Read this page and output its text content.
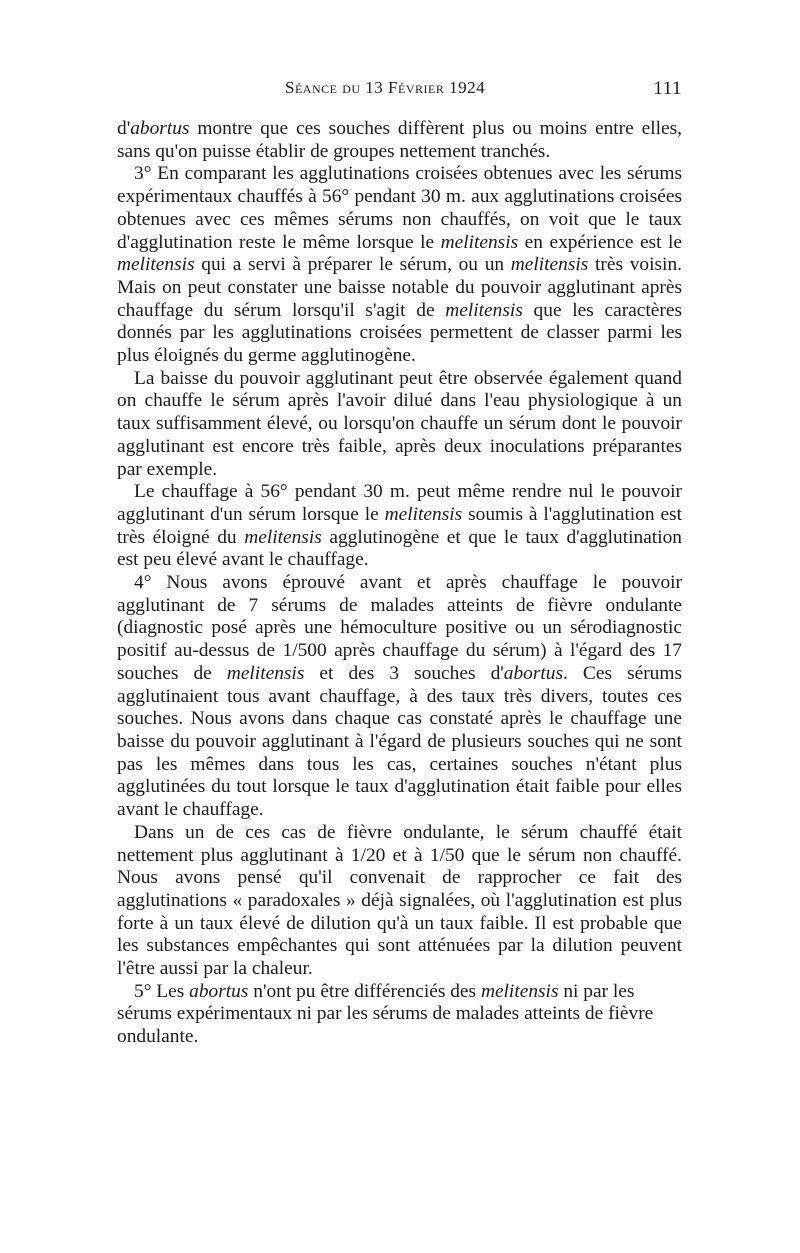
Séance du 13 Février 1924	111

d'abortus montre que ces souches diffèrent plus ou moins entre elles, sans qu'on puisse établir de groupes nettement tranchés.

3° En comparant les agglutinations croisées obtenues avec les sérums expérimentaux chauffés à 56° pendant 30 m. aux agglutinations croisées obtenues avec ces mêmes sérums non chauffés, on voit que le taux d'agglutination reste le même lorsque le melitensis en expérience est le melitensis qui a servi à préparer le sérum, ou un melitensis très voisin. Mais on peut constater une baisse notable du pouvoir agglutinant après chauffage du sérum lorsqu'il s'agit de melitensis que les caractères donnés par les agglutinations croisées permettent de classer parmi les plus éloignés du germe agglutinogène.

La baisse du pouvoir agglutinant peut être observée également quand on chauffe le sérum après l'avoir dilué dans l'eau physiologique à un taux suffisamment élevé, ou lorsqu'on chauffe un sérum dont le pouvoir agglutinant est encore très faible, après deux inoculations préparantes par exemple.

Le chauffage à 56° pendant 30 m. peut même rendre nul le pouvoir agglutinant d'un sérum lorsque le melitensis soumis à l'agglutination est très éloigné du melitensis agglutinogène et que le taux d'agglutination est peu élevé avant le chauffage.

4° Nous avons éprouvé avant et après chauffage le pouvoir agglutinant de 7 sérums de malades atteints de fièvre ondulante (diagnostic posé après une hémoculture positive ou un sérodiagnostic positif au-dessus de 1/500 après chauffage du sérum) à l'égard des 17 souches de melitensis et des 3 souches d'abortus. Ces sérums agglutinaient tous avant chauffage, à des taux très divers, toutes ces souches. Nous avons dans chaque cas constaté après le chauffage une baisse du pouvoir agglutinant à l'égard de plusieurs souches qui ne sont pas les mêmes dans tous les cas, certaines souches n'étant plus agglutinées du tout lorsque le taux d'agglutination était faible pour elles avant le chauffage.

Dans un de ces cas de fièvre ondulante, le sérum chauffé était nettement plus agglutinant à 1/20 et à 1/50 que le sérum non chauffé. Nous avons pensé qu'il convenait de rapprocher ce fait des agglutinations « paradoxales » déjà signalées, où l'agglutination est plus forte à un taux élevé de dilution qu'à un taux faible. Il est probable que les substances empêchantes qui sont atténuées par la dilution peuvent l'être aussi par la chaleur.

5° Les abortus n'ont pu être différenciés des melitensis ni par les sérums expérimentaux ni par les sérums de malades atteints de fièvre ondulante.
